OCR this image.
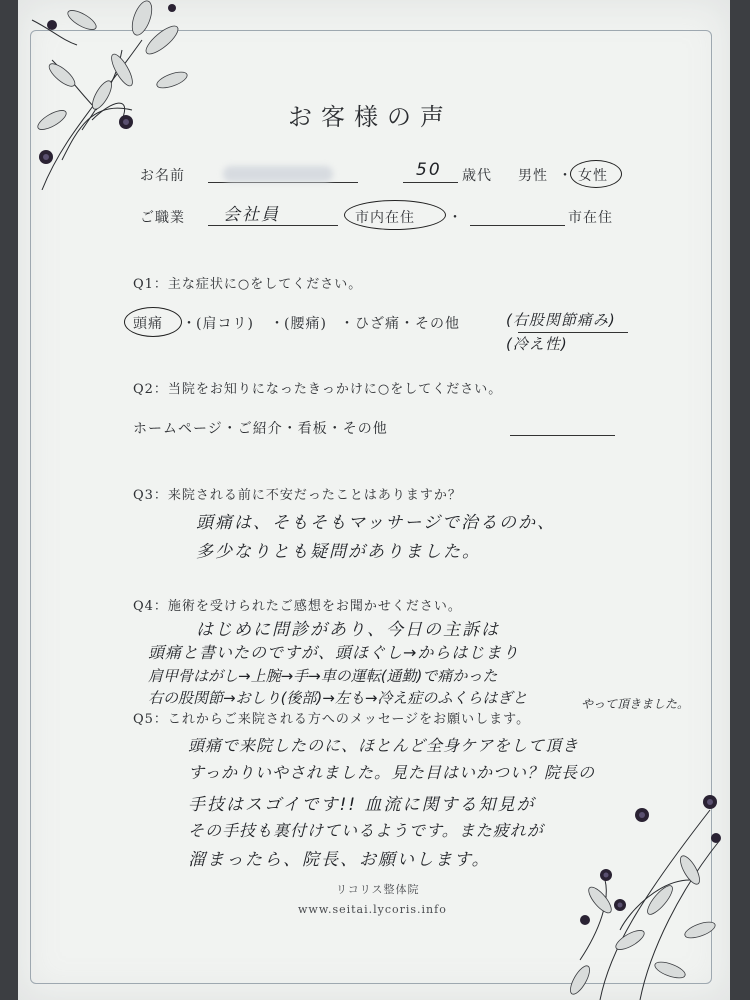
お客様の声
お名前	50 歳代 男性 ・ 女性
ご職業 会社員	市内在住 ・	市在住
Q1：主な症状に○をしてください。
頭痛 ・ (肩コリ) ・ (腰痛) ・ひざ痛・その他	(右股関節痛み)
(冷え性)
Q2：当院をお知りになったきっかけに○をしてください。
ホームページ・ご紹介・看板・その他
Q3：来院される前に不安だったことはありますか？
頭痛は、そもそもマッサージで治るのか、
多少なりとも疑問がありました。
Q4：施術を受けられたご感想をお聞かせください。
はじめに問診があり、今日の主訴は
頭痛と書いたのですが、頭ほぐし→からはじまり
肩甲骨はがし→上腕→手→車の運転(通勤)で痛かった
右の股関節→おしり(後部)→左も→冷え症のふくらはぎと	やって頂きました。
Q5：これからご来院される方へのメッセージをお願いします。
頭痛で来院したのに、ほとんど全身ケアをして頂き
すっかりいやされました。見た目はいかつい？院長の
手技はスゴイです!! 血流に関する知見が
その手技も裏付けているようです。また疲れが
溜まったら、院長、お願いします。
リコリス整体院
www.seitai.lycoris.info
